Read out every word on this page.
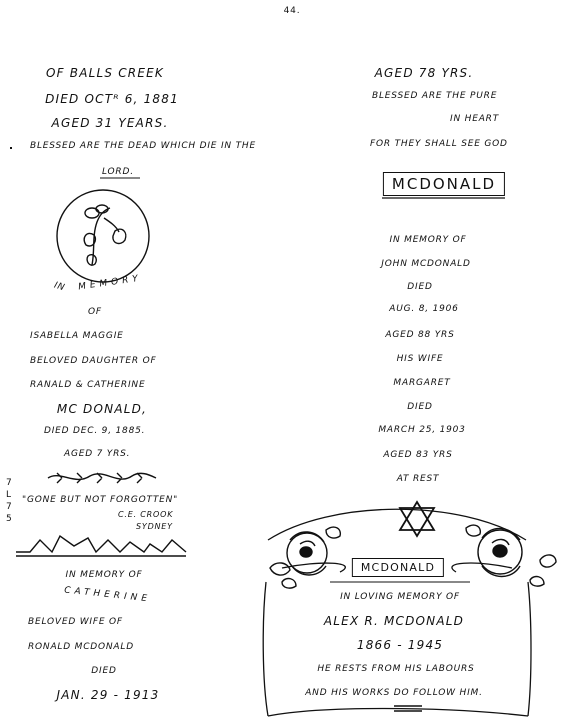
44.
OF BALLS CREEK
DIED OCTᴿ 6, 1881
AGED 31 YEARS.
BLESSED ARE THE DEAD WHICH DIE IN THE
LORD.
IN MEMORY
OF
ISABELLA MAGGIE
BELOVED DAUGHTER OF
RANALD & CATHERINE
MC DONALD,
DIED DEC. 9, 1885.
AGED 7 YRS.
7
L
7
5
"GONE BUT NOT FORGOTTEN"
C.E. CROOK
SYDNEY
IN MEMORY OF
CATHERINE
BELOVED WIFE OF
RONALD MCDONALD
DIED
JAN. 29 - 1913
AGED 78 YRS.
BLESSED ARE THE PURE
IN HEART
FOR THEY SHALL SEE GOD
MCDONALD
IN MEMORY OF
JOHN MCDONALD
DIED
AUG. 8, 1906
AGED 88 YRS
HIS WIFE
MARGARET
DIED
MARCH 25, 1903
AGED 83 YRS
AT REST
MCDONALD
IN LOVING MEMORY OF
ALEX R. MCDONALD
1866 - 1945
HE RESTS FROM HIS LABOURS
AND HIS WORKS DO FOLLOW HIM.
